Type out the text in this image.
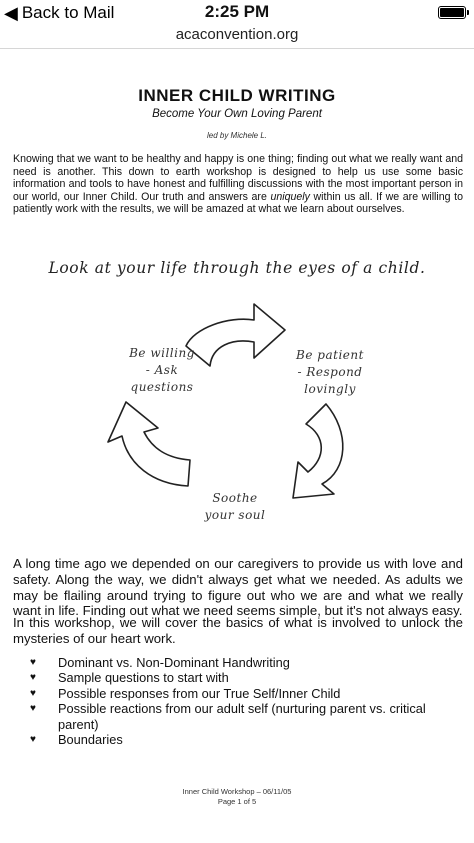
◀ Back to Mail	2:25 PM
acaconvention.org
INNER CHILD WRITING
Become Your Own Loving Parent
led by Michele L.
Knowing that we want to be healthy and happy is one thing; finding out what we really want and need is another. This down to earth workshop is designed to help us use some basic information and tools to have honest and fulfilling discussions with the most important person in our world, our Inner Child. Our truth and answers are uniquely within us all. If we are willing to patiently work with the results, we will be amazed at what we learn about ourselves.
Look at your life through the eyes of a child.
Be willing
- Ask
questions
Be patient
- Respond
lovingly
Soothe
your soul
A long time ago we depended on our caregivers to provide us with love and safety. Along the way, we didn't always get what we needed. As adults we may be flailing around trying to figure out who we are and what we really want in life. Finding out what we need seems simple, but it's not always easy.
In this workshop, we will cover the basics of what is involved to unlock the mysteries of our heart work.
♥ Dominant vs. Non-Dominant Handwriting
♥ Sample questions to start with
♥ Possible responses from our True Self/Inner Child
♥ Possible reactions from our adult self (nurturing parent vs. critical parent)
♥ Boundaries
Inner Child Workshop – 06/11/05
Page 1 of 5
